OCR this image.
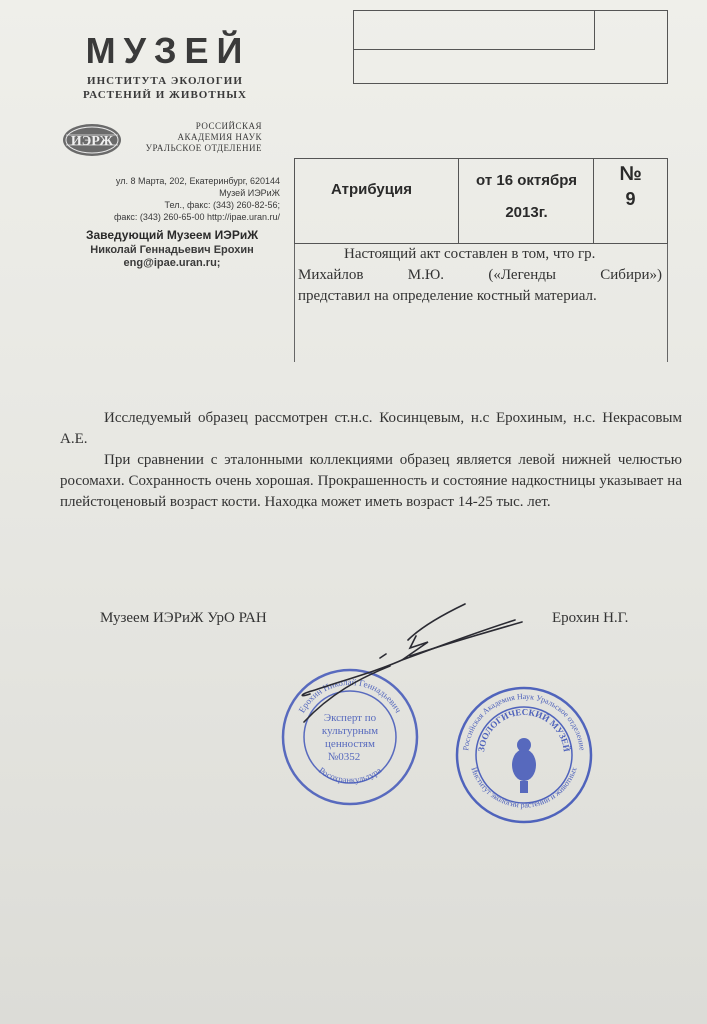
МУЗЕЙ
ИНСТИТУТА ЭКОЛОГИИ
РАСТЕНИЙ И ЖИВОТНЫХ
ИЭРЖ
РОССИЙСКАЯ
АКАДЕМИЯ НАУК
УРАЛЬСКОЕ ОТДЕЛЕНИЕ
ул. 8 Марта, 202, Екатеринбург, 620144
Музей ИЭРиЖ
Тел., факс: (343) 260-82-56;
факс: (343) 260-65-00 http://ipae.uran.ru/
Заведующий Музеем ИЭРиЖ
Николай Геннадьевич Ерохин
eng@ipae.uran.ru;
Атрибуция
от 16 октября
2013г.
№
9
Настоящий акт составлен в том, что гр.
Михайлов М.Ю. («Легенды Сибири»)
представил на определение костный материал.

Исследуемый образец рассмотрен ст.н.с. Косинцевым, н.с Ерохиным, н.с. Некрасовым А.Е.

При сравнении с эталонными коллекциями образец является левой нижней челюстью росомахи. Сохранность очень хорошая. Прокрашенность и состояние надкостницы указывает на плейстоценовый возраст кости. Находка может иметь возраст 14-25 тыс. лет.

Музеем ИЭРиЖ УрО РАН	Ерохин Н.Г.
Ерохин Николай Геннадьевич
Росохранкультура
Эксперт по
культурным
ценностям
№0352
Российская Академия Наук Уральское отделение
Институт экологии растений и животных
ЗООЛОГИЧЕСКИЙ МУЗЕЙ
